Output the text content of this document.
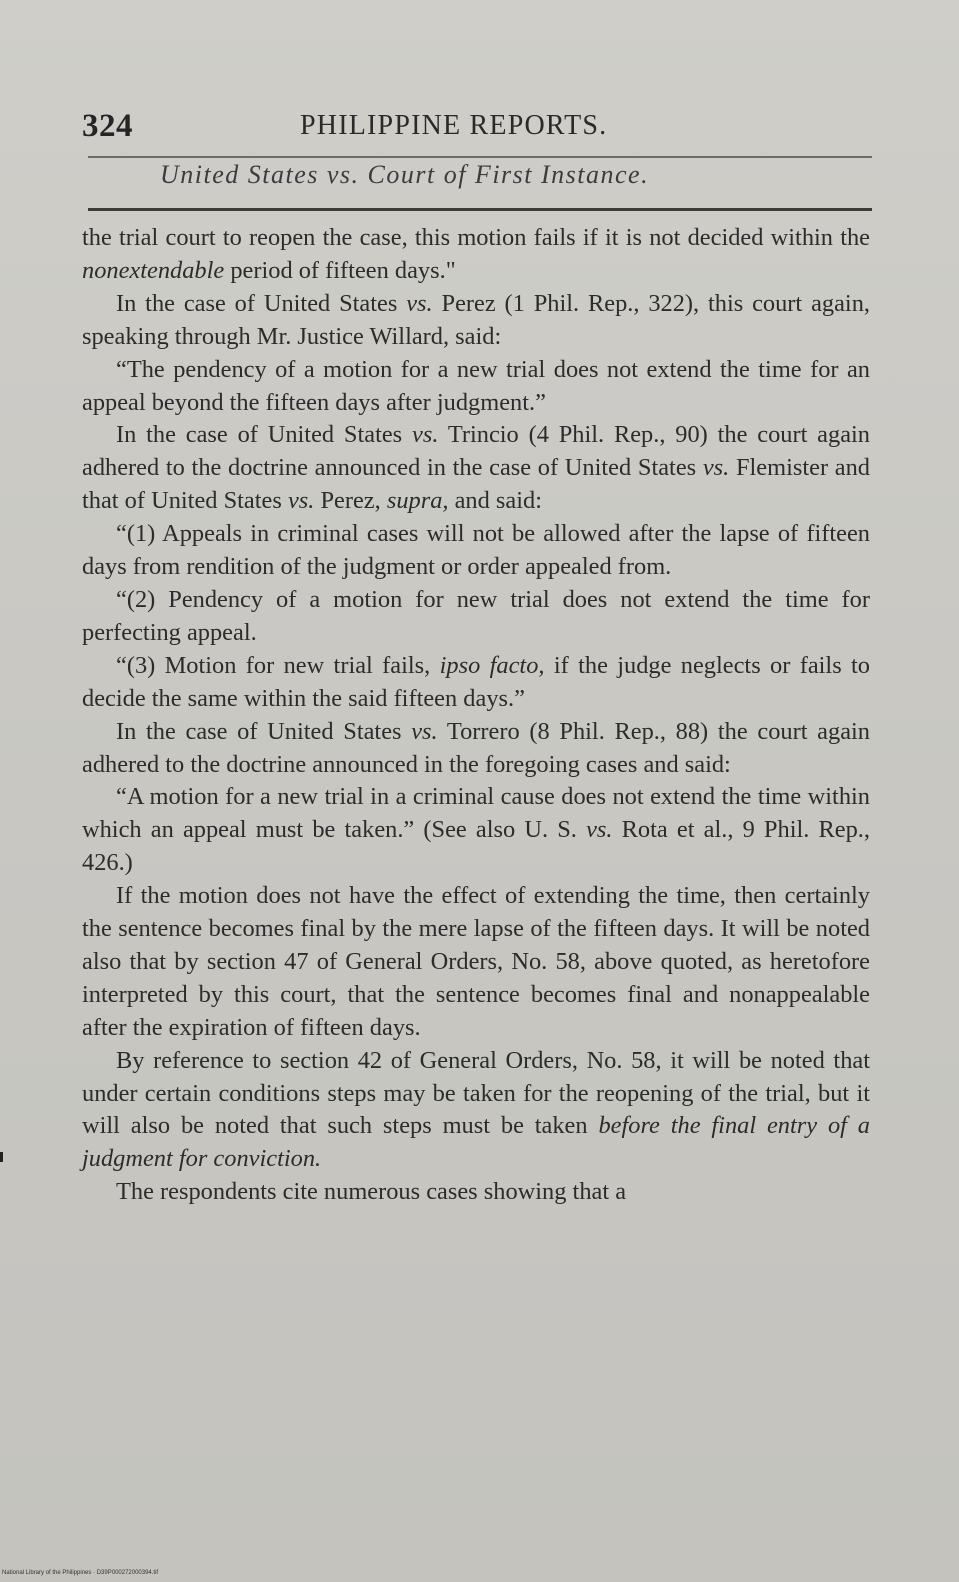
324	PHILIPPINE REPORTS.
United States vs. Court of First Instance.

the trial court to reopen the case, this motion fails if it is not decided within the nonextendable period of fifteen days."

In the case of United States vs. Perez (1 Phil. Rep., 322), this court again, speaking through Mr. Justice Willard, said:

“The pendency of a motion for a new trial does not extend the time for an appeal beyond the fifteen days after judgment.”

In the case of United States vs. Trincio (4 Phil. Rep., 90) the court again adhered to the doctrine announced in the case of United States vs. Flemister and that of United States vs. Perez, supra, and said:

“(1) Appeals in criminal cases will not be allowed after the lapse of fifteen days from rendition of the judgment or order appealed from.

“(2) Pendency of a motion for new trial does not extend the time for perfecting appeal.

“(3) Motion for new trial fails, ipso facto, if the judge neglects or fails to decide the same within the said fifteen days.”

In the case of United States vs. Torrero (8 Phil. Rep., 88) the court again adhered to the doctrine announced in the foregoing cases and said:

“A motion for a new trial in a criminal cause does not extend the time within which an appeal must be taken.” (See also U. S. vs. Rota et al., 9 Phil. Rep., 426.)

If the motion does not have the effect of extending the time, then certainly the sentence becomes final by the mere lapse of the fifteen days. It will be noted also that by section 47 of General Orders, No. 58, above quoted, as heretofore interpreted by this court, that the sentence becomes final and nonappealable after the expiration of fifteen days.

By reference to section 42 of General Orders, No. 58, it will be noted that under certain conditions steps may be taken for the reopening of the trial, but it will also be noted that such steps must be taken before the final entry of a judgment for conviction.

The respondents cite numerous cases showing that a

National Library of the Philippines · D39P000272000394.tif
